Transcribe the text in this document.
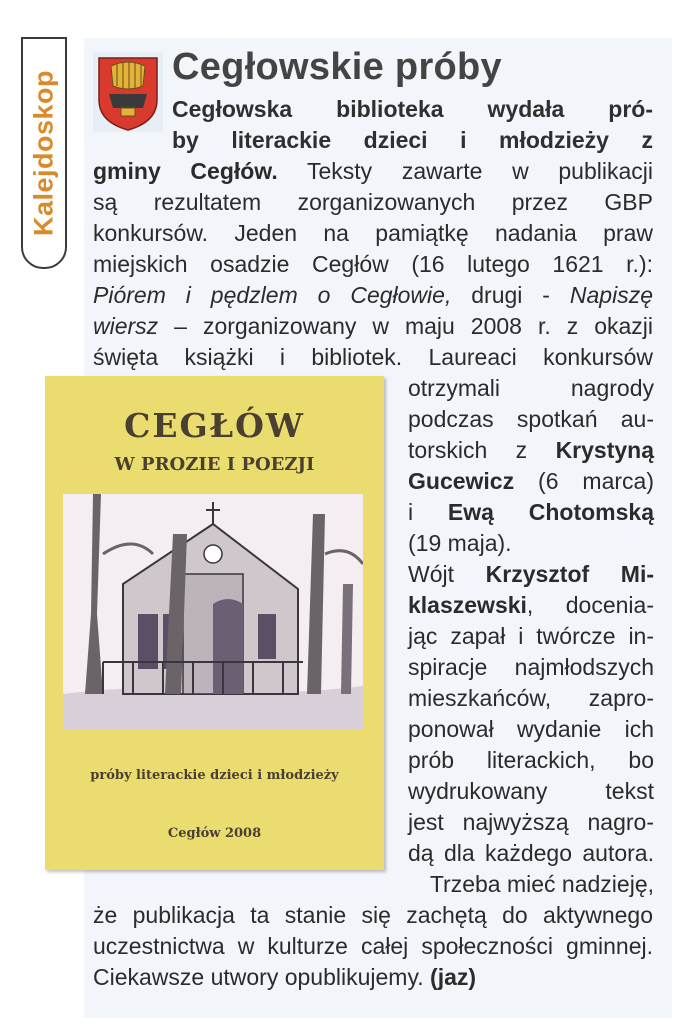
Kalejdoskop
Cegłowskie próby

Cegłowska biblioteka wydała pró-

by literackie dzieci i młodzieży z

gminy Cegłów. Teksty zawarte w publikacji

są rezultatem zorganizowanych przez GBP

konkursów. Jeden na pamiątkę nadania praw

miejskich osadzie Cegłów (16 lutego 1621 r.):

Piórem i pędzlem o Cegłowie, drugi - Napiszę

wiersz – zorganizowany w maju 2008 r. z okazji

święta książki i bibliotek. Laureaci konkursów

CEGŁÓW
W PROZIE I POEZJI
próby literackie dzieci i młodzieży
Cegłów 2008

otrzymali nagrody

podczas spotkań au-

torskich z Krystyną

Gucewicz (6 marca)

i Ewą Chotomską

(19 maja).

Wójt Krzysztof Mi-

klaszewski, docenia-

jąc zapał i twórcze in-

spiracje najmłodszych

mieszkańców, zapro-

ponował wydanie ich

prób literackich, bo

wydrukowany tekst

jest najwyższą nagro-

dą dla każdego autora.

Trzeba mieć nadzieję,

że publikacja ta stanie się zachętą do aktywnego

uczestnictwa w kulturze całej społeczności gminnej.

Ciekawsze utwory opublikujemy. (jaz)
